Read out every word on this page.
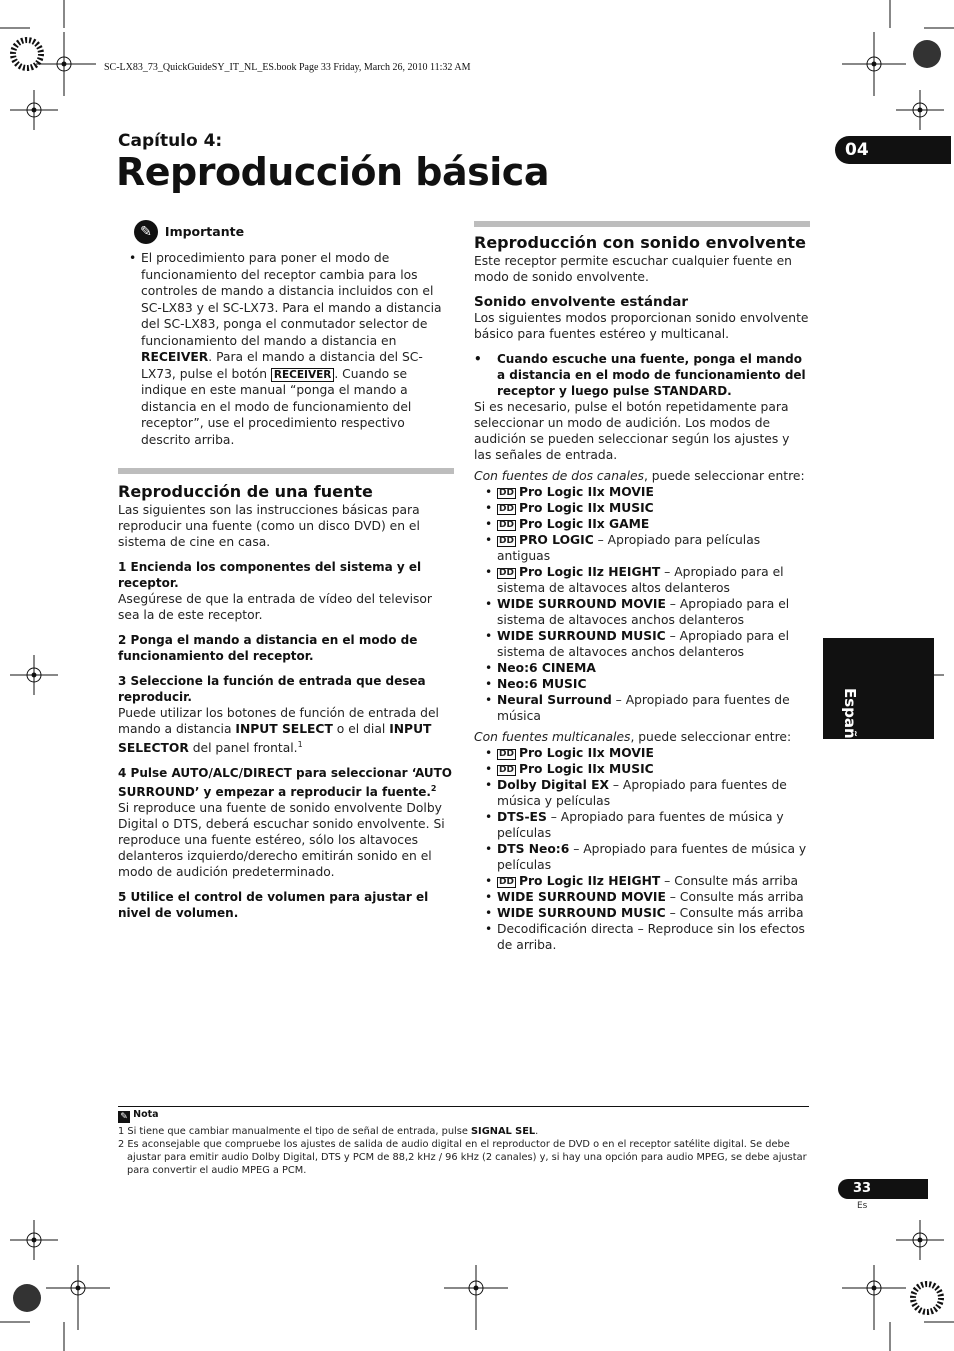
SC-LX83_73_QuickGuideSY_IT_NL_ES.book Page 33 Friday, March 26, 2010 11:32 AM
Capítulo 4:
Reproducción básica	04
Español
✎ Importante
• El procedimiento para poner el modo de funcionamiento del receptor cambia para los controles de mando a distancia incluidos con el SC-LX83 y el SC-LX73. Para el mando a distancia del SC-LX83, ponga el conmutador selector de funcionamiento del mando a distancia en RECEIVER. Para el mando a distancia del SC-LX73, pulse el botón RECEIVER . Cuando se indique en este manual “ponga el mando a distancia en el modo de funcionamiento del receptor”, use el procedimiento respectivo descrito arriba.
Reproducción de una fuente

Las siguientes son las instrucciones básicas para reproducir una fuente (como un disco DVD) en el sistema de cine en casa.

1 Encienda los componentes del sistema y el receptor.

Asegúrese de que la entrada de vídeo del televisor sea la de este receptor.

2 Ponga el mando a distancia en el modo de funcionamiento del receptor.

3 Seleccione la función de entrada que desea reproducir.

Puede utilizar los botones de función de entrada del mando a distancia INPUT SELECT o el dial INPUT SELECTOR del panel frontal.$^1$

4 Pulse AUTO/ALC/DIRECT para seleccionar ‘AUTO SURROUND’ y empezar a reproducir la fuente.$^2$

Si reproduce una fuente de sonido envolvente Dolby Digital o DTS, deberá escuchar sonido envolvente. Si reproduce una fuente estéreo, sólo los altavoces delanteros izquierdo/derecho emitirán sonido en el modo de audición predeterminado.

5 Utilice el control de volumen para ajustar el nivel de volumen.

Reproducción con sonido envolvente

Este receptor permite escuchar cualquier fuente en modo de sonido envolvente.

Sonido envolvente estándar

Los siguientes modos proporcionan sonido envolvente básico para fuentes estéreo y multicanal.

• Cuando escuche una fuente, ponga el mando a distancia en el modo de funcionamiento del receptor y luego pulse STANDARD.

Si es necesario, pulse el botón repetidamente para seleccionar un modo de audición. Los modos de audición se pueden seleccionar según los ajustes y las señales de entrada.

Con fuentes de dos canales, puede seleccionar entre:

• DD Pro Logic IIx MOVIE
• DD Pro Logic IIx MUSIC
• DD Pro Logic IIx GAME
• DD PRO LOGIC – Apropiado para películas antiguas
• DD Pro Logic IIz HEIGHT – Apropiado para el sistema de altavoces altos delanteros
• WIDE SURROUND MOVIE – Apropiado para el sistema de altavoces anchos delanteros
• WIDE SURROUND MUSIC – Apropiado para el sistema de altavoces anchos delanteros
• Neo:6 CINEMA
• Neo:6 MUSIC
• Neural Surround – Apropiado para fuentes de música

Con fuentes multicanales, puede seleccionar entre:

• DD Pro Logic IIx MOVIE
• DD Pro Logic IIx MUSIC
• Dolby Digital EX – Apropiado para fuentes de música y películas
• DTS-ES – Apropiado para fuentes de música y películas
• DTS Neo:6 – Apropiado para fuentes de música y películas
• DD Pro Logic IIz HEIGHT – Consulte más arriba
• WIDE SURROUND MOVIE – Consulte más arriba
• WIDE SURROUND MUSIC – Consulte más arriba
• Decodificación directa – Reproduce sin los efectos de arriba.
✎ Nota

1 Si tiene que cambiar manualmente el tipo de señal de entrada, pulse SIGNAL SEL.

2 Es aconsejable que compruebe los ajustes de salida de audio digital en el reproductor de DVD o en el receptor satélite digital. Se debe ajustar para emitir audio Dolby Digital, DTS y PCM de 88,2 kHz / 96 kHz (2 canales) y, si hay una opción para audio MPEG, se debe ajustar para convertir el audio MPEG a PCM.

33
Es
